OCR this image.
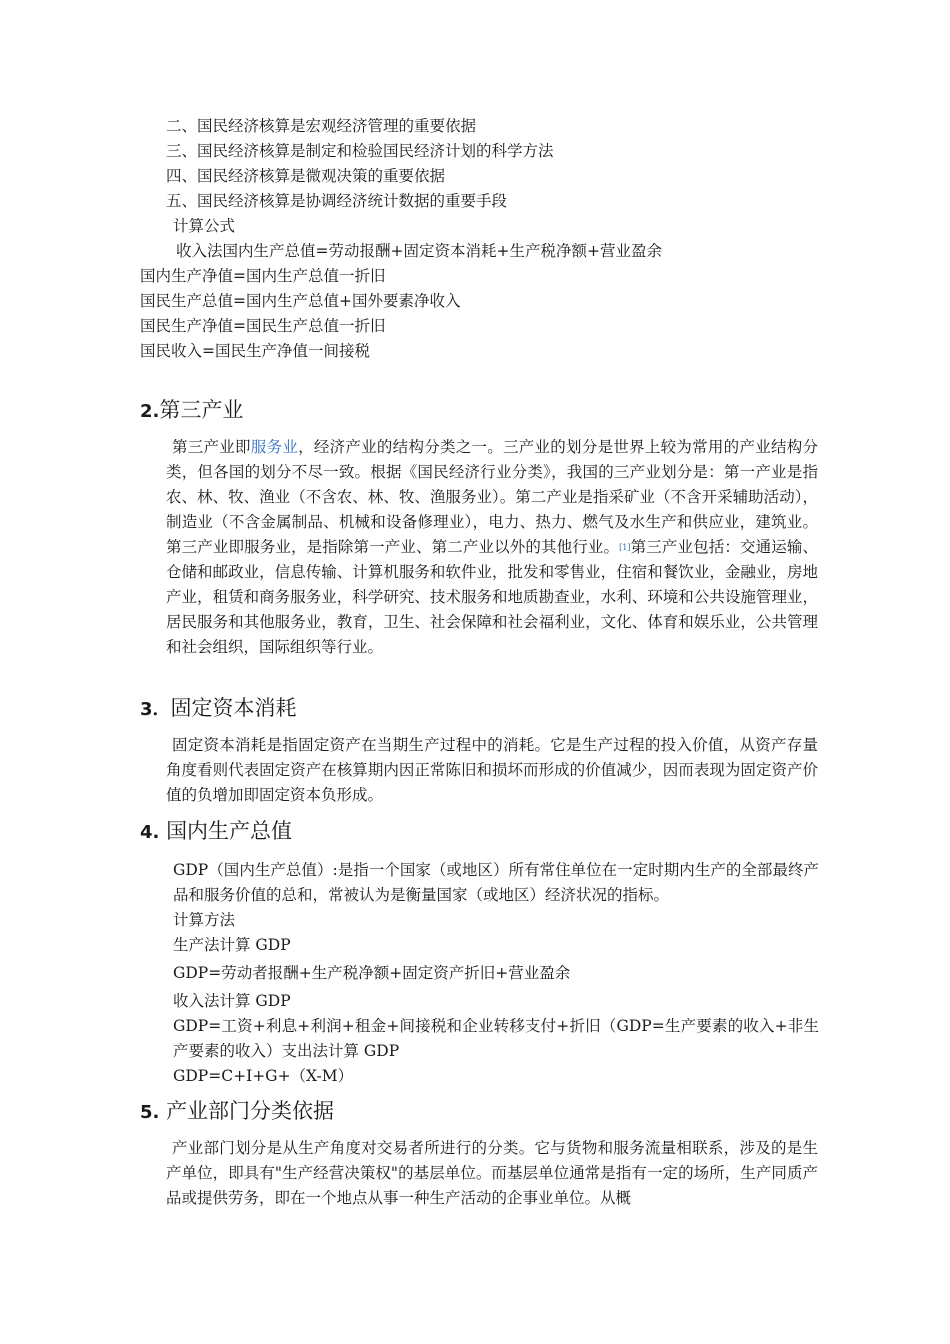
二、国民经济核算是宏观经济管理的重要依据
三、国民经济核算是制定和检验国民经济计划的科学方法
四、国民经济核算是微观决策的重要依据
五、国民经济核算是协调经济统计数据的重要手段
计算公式
收入法国内生产总值=劳动报酬+固定资本消耗+生产税净额+营业盈余
国内生产净值=国内生产总值一折旧
国民生产总值=国内生产总值+国外要素净收入
国民生产净值=国民生产总值一折旧
国民收入=国民生产净值一间接税
2.第三产业
第三产业即服务业，经济产业的结构分类之一。三产业的划分是世界上较为常用的产业结构分类，但各国的划分不尽一致。根据《国民经济行业分类》，我国的三产业划分是：第一产业是指农、林、牧、渔业（不含农、林、牧、渔服务业）。第二产业是指采矿业（不含开采辅助活动），制造业（不含金属制品、机械和设备修理业），电力、热力、燃气及水生产和供应业，建筑业。第三产业即服务业，是指除第一产业、第二产业以外的其他行业。[1]第三产业包括：交通运输、仓储和邮政业，信息传输、计算机服务和软件业，批发和零售业，住宿和餐饮业，金融业，房地产业，租赁和商务服务业，科学研究、技术服务和地质勘查业，水利、环境和公共设施管理业，居民服务和其他服务业，教育，卫生、社会保障和社会福利业，文化、体育和娱乐业，公共管理和社会组织，国际组织等行业。
3．固定资本消耗
固定资本消耗是指固定资产在当期生产过程中的消耗。它是生产过程的投入价值，从资产存量角度看则代表固定资产在核算期内因正常陈旧和损坏而形成的价值减少，因而表现为固定资产价值的负增加即固定资本负形成。
4. 国内生产总值
GDP（国内生产总值）:是指一个国家（或地区）所有常住单位在一定时期内生产的全部最终产品和服务价值的总和，常被认为是衡量国家（或地区）经济状况的指标。
计算方法
生产法计算 GDP
GDP=劳动者报酬+生产税净额+固定资产折旧+营业盈余
收入法计算 GDP
GDP=工资+利息+利润+租金+间接税和企业转移支付+折旧（GDP=生产要素的收入+非生产要素的收入）支出法计算 GDP
GDP=C+I+G+（X-M）
5. 产业部门分类依据
产业部门划分是从生产角度对交易者所进行的分类。它与货物和服务流量相联系，涉及的是生产单位，即具有"生产经营决策权"的基层单位。而基层单位通常是指有一定的场所，生产同质产品或提供劳务，即在一个地点从事一种生产活动的企事业单位。从概
